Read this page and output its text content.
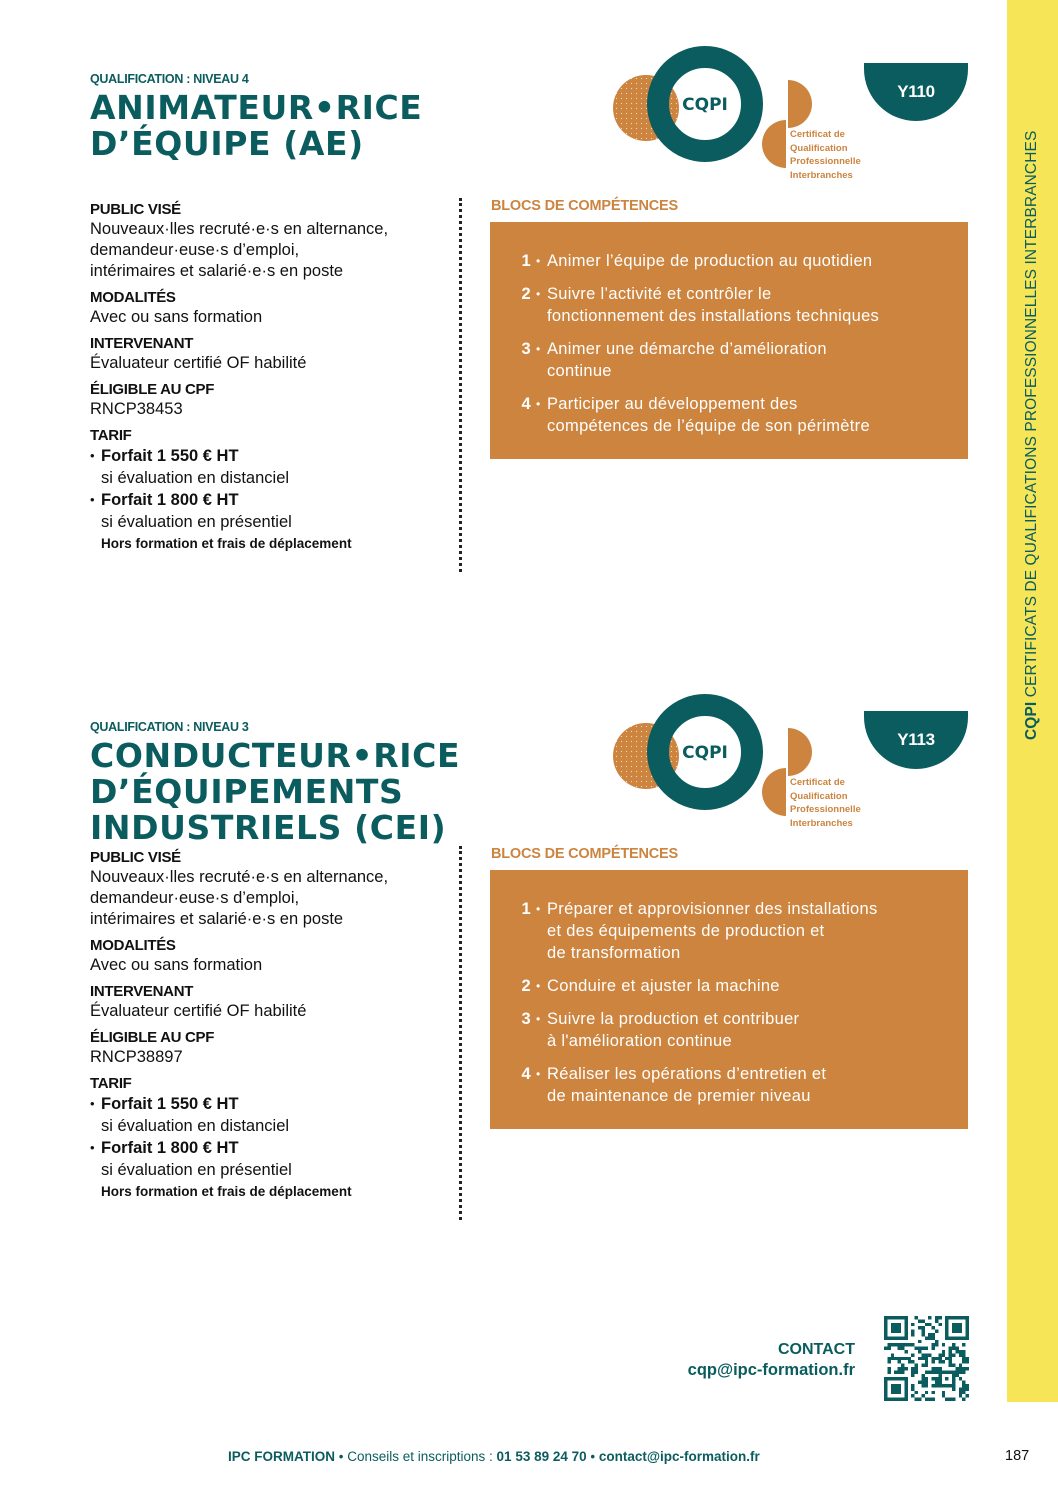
CQPI CERTIFICATS DE QUALIFICATIONS PROFESSIONNELLES INTERBRANCHES
QUALIFICATION : NIVEAU 4
ANIMATEUR•RICE
D’ÉQUIPE (AE)
CQPI
Certificat de
Qualification
Professionnelle
Interbranches
Y110
PUBLIC VISÉ
Nouveaux·lles recruté·e·s en alternance,
demandeur·euse·s d’emploi,
intérimaires et salarié·e·s en poste
MODALITÉS
Avec ou sans formation
INTERVENANT
Évaluateur certifié OF habilité
ÉLIGIBLE AU CPF
RNCP38453
TARIF
• Forfait 1 550 € HT
si évaluation en distanciel
• Forfait 1 800 € HT
si évaluation en présentiel
Hors formation et frais de déplacement
BLOCS DE COMPÉTENCES
1 • Animer l’équipe de production au quotidien
2 • Suivre l’activité et contrôler le
fonctionnement des installations techniques
3 • Animer une démarche d’amélioration
continue
4 • Participer au développement des
compétences de l’équipe de son périmètre
QUALIFICATION : NIVEAU 3
CONDUCTEUR•RICE
D’ÉQUIPEMENTS
INDUSTRIELS (CEI)
CQPI
Certificat de
Qualification
Professionnelle
Interbranches
Y113
PUBLIC VISÉ
Nouveaux·lles recruté·e·s en alternance,
demandeur·euse·s d’emploi,
intérimaires et salarié·e·s en poste
MODALITÉS
Avec ou sans formation
INTERVENANT
Évaluateur certifié OF habilité
ÉLIGIBLE AU CPF
RNCP38897
TARIF
• Forfait 1 550 € HT
si évaluation en distanciel
• Forfait 1 800 € HT
si évaluation en présentiel
Hors formation et frais de déplacement
BLOCS DE COMPÉTENCES
1 • Préparer et approvisionner des installations
et des équipements de production et
de transformation
2 • Conduire et ajuster la machine
3 • Suivre la production et contribuer
à l'amélioration continue
4 • Réaliser les opérations d’entretien et
de maintenance de premier niveau
CONTACT
cqp@ipc-formation.fr
IPC FORMATION • Conseils et inscriptions : 01 53 89 24 70 • contact@ipc-formation.fr	187
